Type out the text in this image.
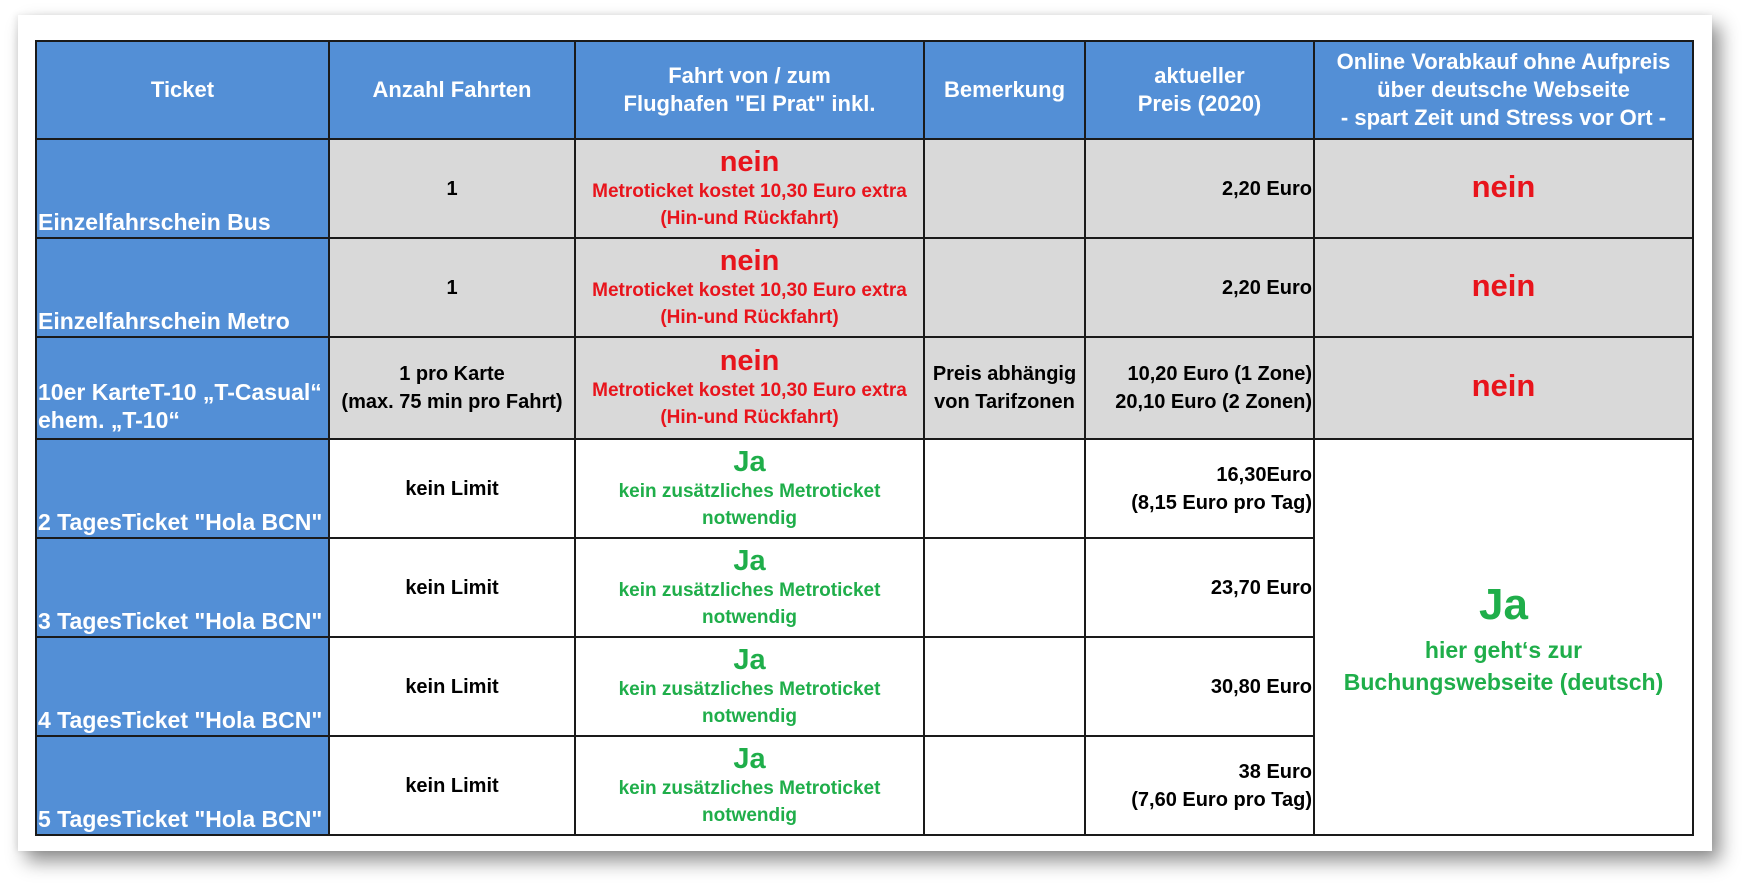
Ticket	Anzahl Fahrten	Fahrt von / zum
Flughafen "El Prat" inkl.	Bemerkung	aktueller
Preis (2020)	Online Vorabkauf ohne Aufpreis
über deutsche Webseite
- spart Zeit und Stress vor Ort -
Einzelfahrschein Bus	1	nein
Metroticket kostet 10,30 Euro extra
(Hin-und Rückfahrt)		2,20 Euro	nein
Einzelfahrschein Metro	1	nein
Metroticket kostet 10,30 Euro extra
(Hin-und Rückfahrt)		2,20 Euro	nein
10er KarteT-10 „T-Casual“
ehem. „T-10“	1 pro Karte
(max. 75 min pro Fahrt)	nein
Metroticket kostet 10,30 Euro extra
(Hin-und Rückfahrt)	Preis abhängig
von Tarifzonen	10,20 Euro (1 Zone)
20,10 Euro (2 Zonen)	nein
2 TagesTicket "Hola BCN"	kein Limit	Ja
kein zusätzliches Metroticket
notwendig		16,30Euro
(8,15 Euro pro Tag)	Ja
hier geht‘s zur
Buchungswebseite (deutsch)

3 TagesTicket "Hola BCN"	kein Limit	Ja
kein zusätzliches Metroticket
notwendig		23,70 Euro	
4 TagesTicket "Hola BCN"	kein Limit	Ja
kein zusätzliches Metroticket
notwendig		30,80 Euro	
5 TagesTicket "Hola BCN"	kein Limit	Ja
kein zusätzliches Metroticket
notwendig		38 Euro
(7,60 Euro pro Tag)	
